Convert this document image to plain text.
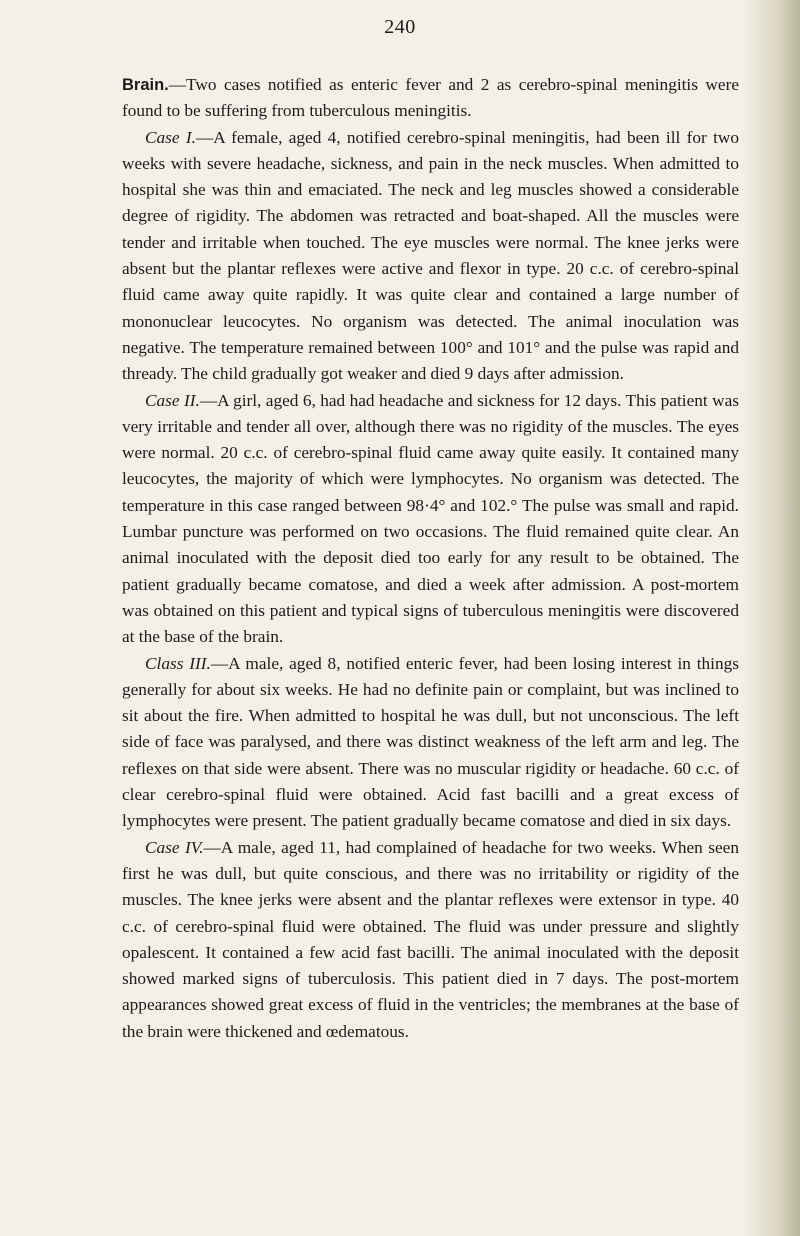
240

Brain.—Two cases notified as enteric fever and 2 as cerebro-spinal meningitis were found to be suffering from tuberculous meningitis.

Case I.—A female, aged 4, notified cerebro-spinal meningitis, had been ill for two weeks with severe headache, sickness, and pain in the neck muscles. When admitted to hospital she was thin and emaciated. The neck and leg muscles showed a considerable degree of rigidity. The abdomen was retracted and boat-shaped. All the muscles were tender and irritable when touched. The eye muscles were normal. The knee jerks were absent but the plantar reflexes were active and flexor in type. 20 c.c. of cerebro-spinal fluid came away quite rapidly. It was quite clear and contained a large number of mononuclear leucocytes. No organism was detected. The animal inoculation was negative. The temperature remained between 100° and 101° and the pulse was rapid and thready. The child gradually got weaker and died 9 days after admission.

Case II.—A girl, aged 6, had had headache and sickness for 12 days. This patient was very irritable and tender all over, although there was no rigidity of the muscles. The eyes were normal. 20 c.c. of cerebro-spinal fluid came away quite easily. It contained many leucocytes, the majority of which were lymphocytes. No organism was detected. The temperature in this case ranged between 98·4° and 102.° The pulse was small and rapid. Lumbar puncture was performed on two occasions. The fluid remained quite clear. An animal inoculated with the deposit died too early for any result to be obtained. The patient gradually became comatose, and died a week after admission. A post-mortem was obtained on this patient and typical signs of tuberculous meningitis were discovered at the base of the brain.

Class III.—A male, aged 8, notified enteric fever, had been losing interest in things generally for about six weeks. He had no definite pain or complaint, but was inclined to sit about the fire. When admitted to hospital he was dull, but not unconscious. The left side of face was paralysed, and there was distinct weakness of the left arm and leg. The reflexes on that side were absent. There was no muscular rigidity or headache. 60 c.c. of clear cerebro-spinal fluid were obtained. Acid fast bacilli and a great excess of lymphocytes were present. The patient gradually became comatose and died in six days.

Case IV.—A male, aged 11, had complained of headache for two weeks. When seen first he was dull, but quite conscious, and there was no irritability or rigidity of the muscles. The knee jerks were absent and the plantar reflexes were extensor in type. 40 c.c. of cerebro-spinal fluid were obtained. The fluid was under pressure and slightly opalescent. It contained a few acid fast bacilli. The animal inoculated with the deposit showed marked signs of tuberculosis. This patient died in 7 days. The post-mortem appearances showed great excess of fluid in the ventricles; the membranes at the base of the brain were thickened and œdematous.
